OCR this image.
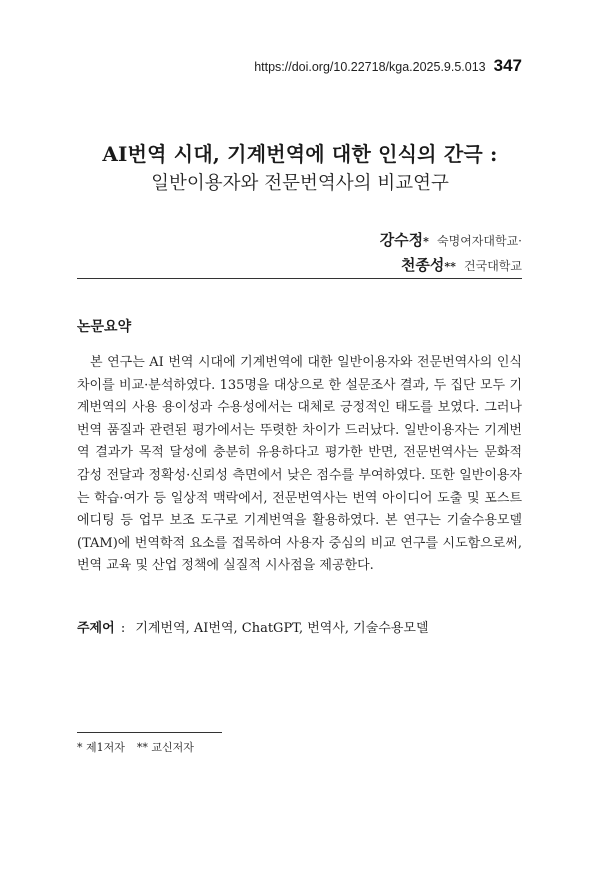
https://doi.org/10.22718/kga.2025.9.5.013 347
AI번역 시대, 기계번역에 대한 인식의 간극 :
일반이용자와 전문번역사의 비교연구
강수정* 숙명여자대학교·
천종성** 건국대학교
논문요약

본 연구는 AI 번역 시대에 기계번역에 대한 일반이용자와 전문번역사의 인식 차이를 비교·분석하였다. 135명을 대상으로 한 설문조사 결과, 두 집단 모두 기계번역의 사용 용이성과 수용성에서는 대체로 긍정적인 태도를 보였다. 그러나 번역 품질과 관련된 평가에서는 뚜렷한 차이가 드러났다. 일반이용자는 기계번역 결과가 목적 달성에 충분히 유용하다고 평가한 반면, 전문번역사는 문화적 감성 전달과 정확성·신뢰성 측면에서 낮은 점수를 부여하였다. 또한 일반이용자는 학습·여가 등 일상적 맥락에서, 전문번역사는 번역 아이디어 도출 및 포스트에디팅 등 업무 보조 도구로 기계번역을 활용하였다. 본 연구는 기술수용모델(TAM)에 번역학적 요소를 접목하여 사용자 중심의 비교 연구를 시도함으로써, 번역 교육 및 산업 정책에 실질적 시사점을 제공한다.

주제어 : 기계번역, AI번역, ChatGPT, 번역사, 기술수용모델
* 제1저자 ** 교신저자
